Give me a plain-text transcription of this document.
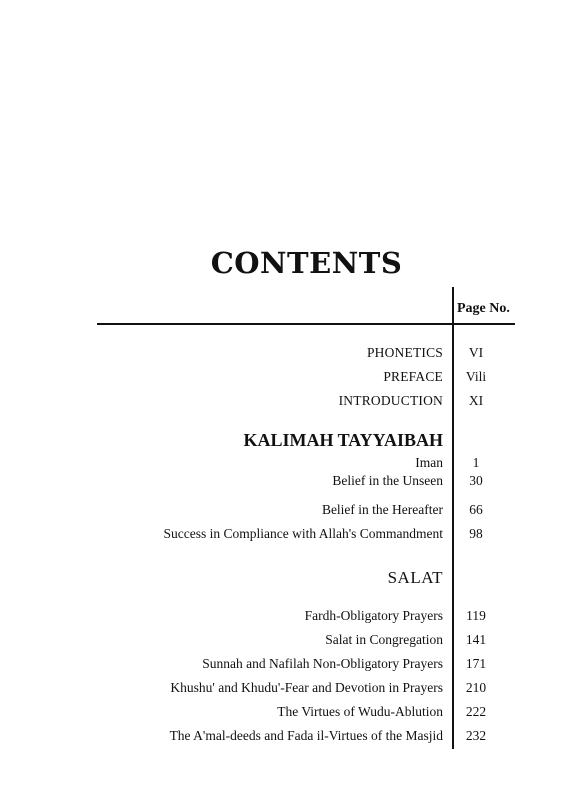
CONTENTS
Page No.
PHONETICS	VI
PREFACE	Vili
INTRODUCTION	XI
KALIMAH TAYYAIBAH
Iman	1
Belief in the Unseen	30
Belief in the Hereafter	66
Success in Compliance with Allah's Commandment	98
SALAT
Fardh-Obligatory Prayers	119
Salat in Congregation	141
Sunnah and Nafilah Non-Obligatory Prayers	171
Khushu' and Khudu'-Fear and Devotion in Prayers	210
The Virtues of Wudu-Ablution	222
The A'mal-deeds and Fada il-Virtues of the Masjid	232
